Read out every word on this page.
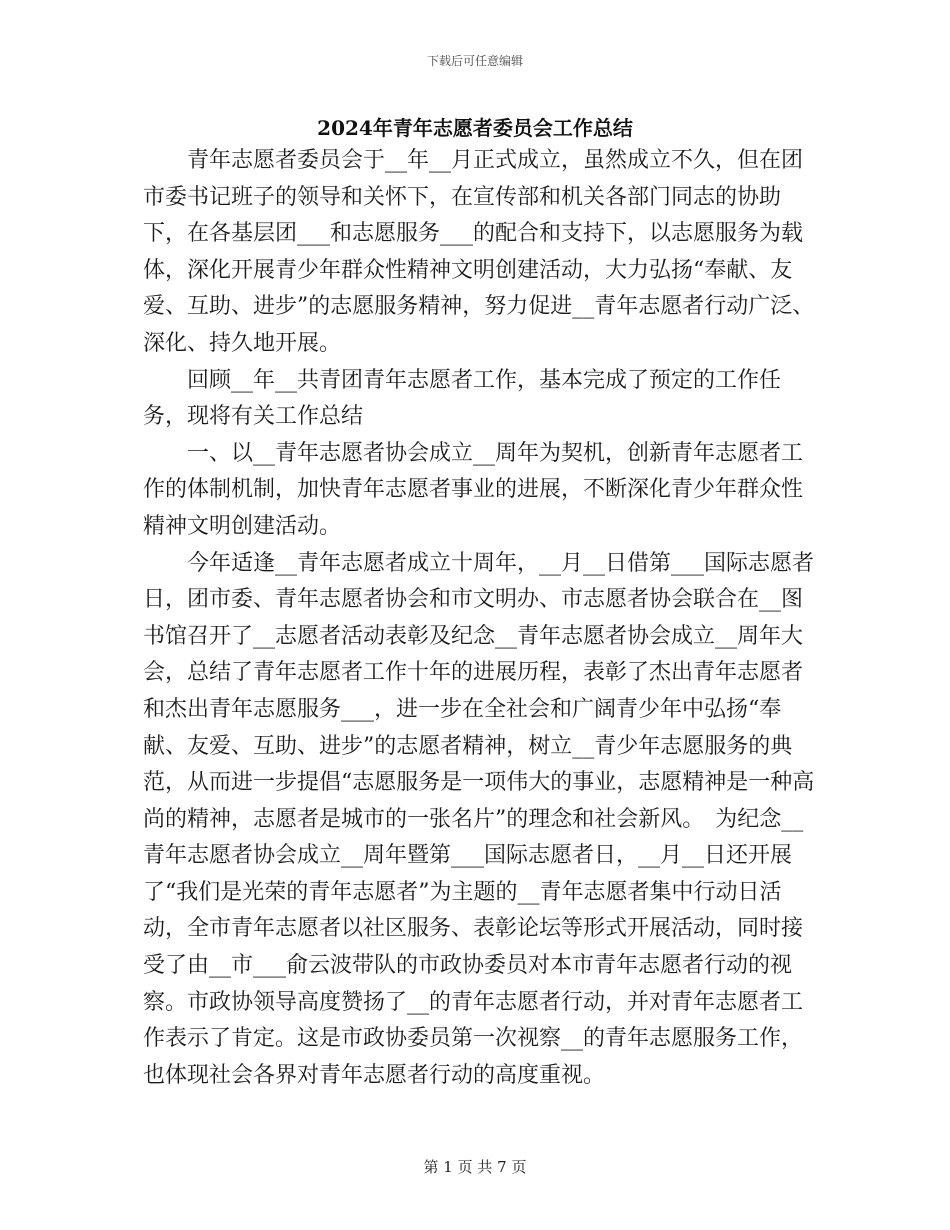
下载后可任意编辑
2024年青年志愿者委员会工作总结

青年志愿者委员会于__年__月正式成立，虽然成立不久，但在团市委书记班子的领导和关怀下，在宣传部和机关各部门同志的协助下，在各基层团___和志愿服务___的配合和支持下，以志愿服务为载体，深化开展青少年群众性精神文明创建活动，大力弘扬“奉献、友爱、互助、进步”的志愿服务精神，努力促进__青年志愿者行动广泛、深化、持久地开展。

回顾__年__共青团青年志愿者工作，基本完成了预定的工作任务，现将有关工作总结

一、以__青年志愿者协会成立__周年为契机，创新青年志愿者工作的体制机制，加快青年志愿者事业的进展，不断深化青少年群众性精神文明创建活动。

今年适逢__青年志愿者成立十周年，__月__日借第___国际志愿者日，团市委、青年志愿者协会和市文明办、市志愿者协会联合在__图书馆召开了__志愿者活动表彰及纪念__青年志愿者协会成立__周年大会，总结了青年志愿者工作十年的进展历程，表彰了杰出青年志愿者和杰出青年志愿服务___，进一步在全社会和广阔青少年中弘扬“奉献、友爱、互助、进步”的志愿者精神，树立__青少年志愿服务的典范，从而进一步提倡“志愿服务是一项伟大的事业，志愿精神是一种高尚的精神，志愿者是城市的一张名片”的理念和社会新风。　为纪念__青年志愿者协会成立__周年暨第___国际志愿者日，__月__日还开展了“我们是光荣的青年志愿者”为主题的__青年志愿者集中行动日活动，全市青年志愿者以社区服务、表彰论坛等形式开展活动，同时接受了由__市___俞云波带队的市政协委员对本市青年志愿者行动的视察。市政协领导高度赞扬了__的青年志愿者行动，并对青年志愿者工作表示了肯定。这是市政协委员第一次视察__的青年志愿服务工作，也体现社会各界对青年志愿者行动的高度重视。

第 1 页 共 7 页
